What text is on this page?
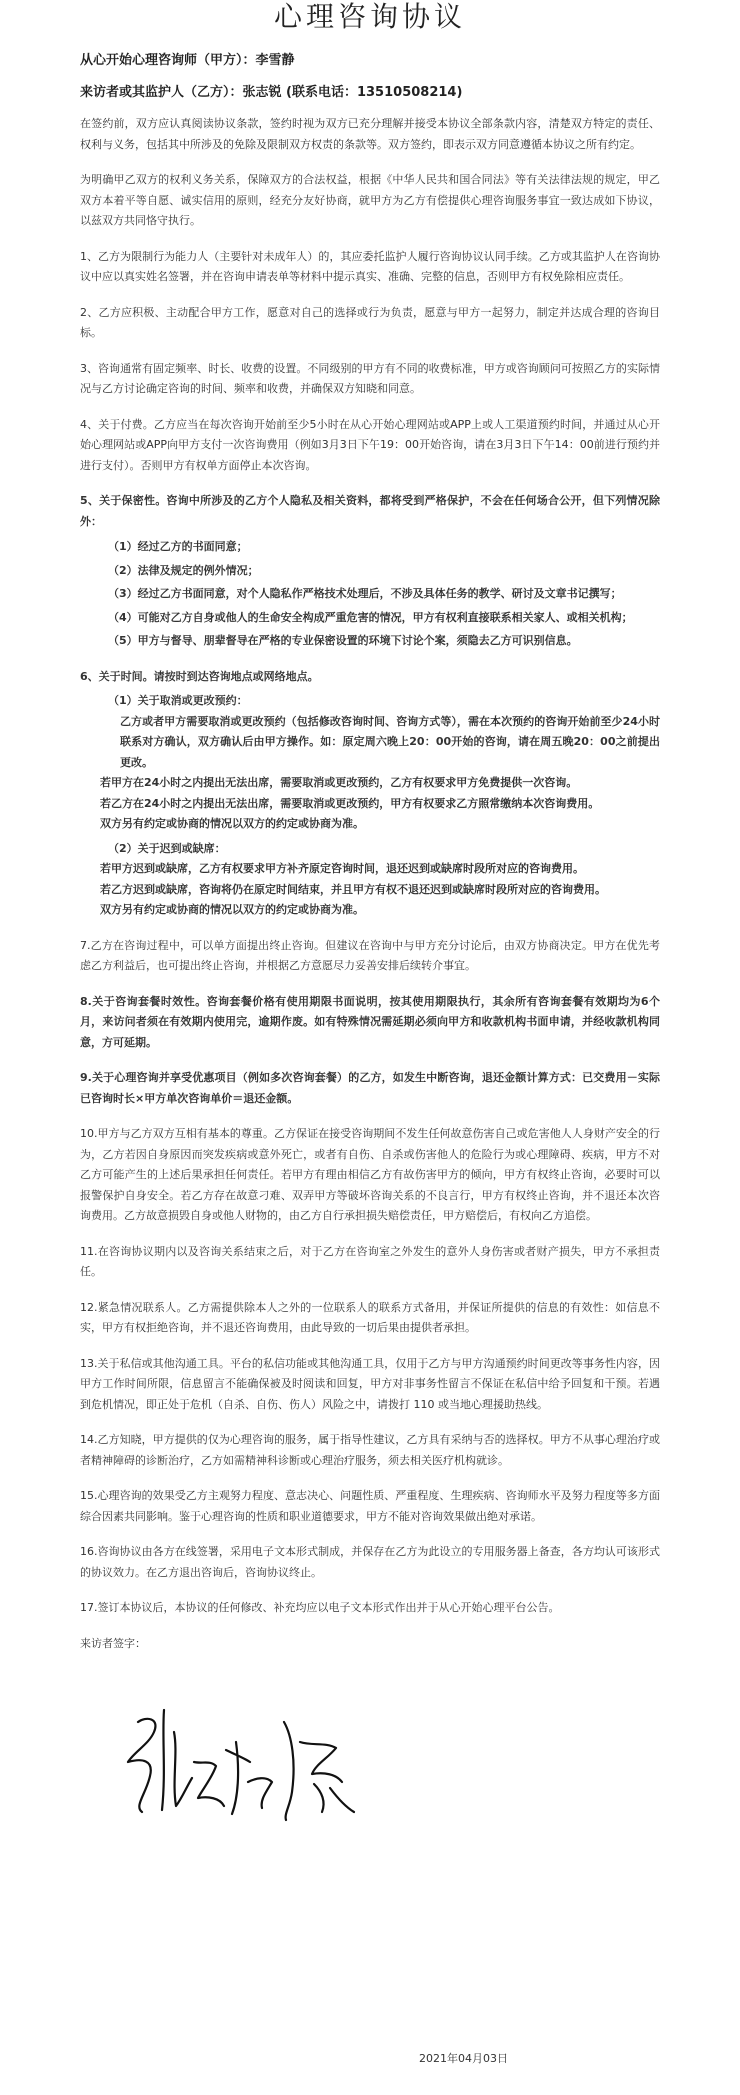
心理咨询协议
从心开始心理咨询师（甲方）：李雪静
来访者或其监护人（乙方）：张志锐 (联系电话：13510508214)

在签约前，双方应认真阅读协议条款，签约时视为双方已充分理解并接受本协议全部条款内容，清楚双方特定的责任、权利与义务，包括其中所涉及的免除及限制双方权责的条款等。双方签约，即表示双方同意遵循本协议之所有约定。

为明确甲乙双方的权利义务关系，保障双方的合法权益，根据《中华人民共和国合同法》等有关法律法规的规定，甲乙双方本着平等自愿、诚实信用的原则，经充分友好协商，就甲方为乙方有偿提供心理咨询服务事宜一致达成如下协议，以兹双方共同恪守执行。

1、乙方为限制行为能力人（主要针对未成年人）的，其应委托监护人履行咨询协议认同手续。乙方或其监护人在咨询协议中应以真实姓名签署，并在咨询申请表单等材料中提示真实、准确、完整的信息，否则甲方有权免除相应责任。

2、乙方应积极、主动配合甲方工作，愿意对自己的选择或行为负责，愿意与甲方一起努力，制定并达成合理的咨询目标。

3、咨询通常有固定频率、时长、收费的设置。不同级别的甲方有不同的收费标准，甲方或咨询顾问可按照乙方的实际情况与乙方讨论确定咨询的时间、频率和收费，并确保双方知晓和同意。

4、关于付费。乙方应当在每次咨询开始前至少5小时在从心开始心理网站或APP上或人工渠道预约时间，并通过从心开始心理网站或APP向甲方支付一次咨询费用（例如3月3日下午19：00开始咨询，请在3月3日下午14：00前进行预约并进行支付）。否则甲方有权单方面停止本次咨询。

5、关于保密性。咨询中所涉及的乙方个人隐私及相关资料，都将受到严格保护，不会在任何场合公开，但下列情况除外：
（1）经过乙方的书面同意；
（2）法律及规定的例外情况；
（3）经过乙方书面同意，对个人隐私作严格技术处理后，不涉及具体任务的教学、研讨及文章书记撰写；
（4）可能对乙方自身或他人的生命安全构成严重危害的情况，甲方有权利直接联系相关家人、或相关机构；
（5）甲方与督导、朋辈督导在严格的专业保密设置的环境下讨论个案，须隐去乙方可识别信息。
6、关于时间。请按时到达咨询地点或网络地点。
（1）关于取消或更改预约：
乙方或者甲方需要取消或更改预约（包括修改咨询时间、咨询方式等），需在本次预约的咨询开始前至少24小时联系对方确认，双方确认后由甲方操作。如：原定周六晚上20：00开始的咨询，请在周五晚20：00之前提出更改。
若甲方在24小时之内提出无法出席，需要取消或更改预约，乙方有权要求甲方免费提供一次咨询。
若乙方在24小时之内提出无法出席，需要取消或更改预约，甲方有权要求乙方照常缴纳本次咨询费用。
双方另有约定或协商的情况以双方的约定或协商为准。
（2）关于迟到或缺席：
若甲方迟到或缺席，乙方有权要求甲方补齐原定咨询时间，退还迟到或缺席时段所对应的咨询费用。
若乙方迟到或缺席，咨询将仍在原定时间结束，并且甲方有权不退还迟到或缺席时段所对应的咨询费用。
双方另有约定或协商的情况以双方的约定或协商为准。

7.乙方在咨询过程中，可以单方面提出终止咨询。但建议在咨询中与甲方充分讨论后，由双方协商决定。甲方在优先考虑乙方利益后，也可提出终止咨询，并根据乙方意愿尽力妥善安排后续转介事宜。

8.关于咨询套餐时效性。咨询套餐价格有使用期限书面说明，按其使用期限执行，其余所有咨询套餐有效期均为6个月，来访问者须在有效期内使用完，逾期作废。如有特殊情况需延期必须向甲方和收款机构书面申请，并经收款机构同意，方可延期。

9.关于心理咨询并享受优惠项目（例如多次咨询套餐）的乙方，如发生中断咨询，退还金额计算方式：已交费用－实际已咨询时长×甲方单次咨询单价＝退还金额。

10.甲方与乙方双方互相有基本的尊重。乙方保证在接受咨询期间不发生任何故意伤害自己或危害他人人身财产安全的行为，乙方若因自身原因而突发疾病或意外死亡，或者有自伤、自杀或伤害他人的危险行为或心理障碍、疾病，甲方不对乙方可能产生的上述后果承担任何责任。若甲方有理由相信乙方有故伤害甲方的倾向，甲方有权终止咨询，必要时可以报警保护自身安全。若乙方存在故意刁难、双弄甲方等破坏咨询关系的不良言行，甲方有权终止咨询，并不退还本次咨询费用。乙方故意损毁自身或他人财物的，由乙方自行承担损失赔偿责任，甲方赔偿后，有权向乙方追偿。

11.在咨询协议期内以及咨询关系结束之后，对于乙方在咨询室之外发生的意外人身伤害或者财产损失，甲方不承担责任。

12.紧急情况联系人。乙方需提供除本人之外的一位联系人的联系方式备用，并保证所提供的信息的有效性：如信息不实，甲方有权拒绝咨询，并不退还咨询费用，由此导致的一切后果由提供者承担。

13.关于私信或其他沟通工具。平台的私信功能或其他沟通工具，仅用于乙方与甲方沟通预约时间更改等事务性内容，因甲方工作时间所限，信息留言不能确保被及时阅读和回复，甲方对非事务性留言不保证在私信中给予回复和干预。若遇到危机情况，即正处于危机（自杀、自伤、伤人）风险之中，请拨打 110 或当地心理援助热线。

14.乙方知晓，甲方提供的仅为心理咨询的服务，属于指导性建议，乙方具有采纳与否的选择权。甲方不从事心理治疗或者精神障碍的诊断治疗，乙方如需精神科诊断或心理治疗服务，须去相关医疗机构就诊。

15.心理咨询的效果受乙方主观努力程度、意志决心、问题性质、严重程度、生理疾病、咨询师水平及努力程度等多方面综合因素共同影响。鉴于心理咨询的性质和职业道德要求，甲方不能对咨询效果做出绝对承诺。

16.咨询协议由各方在线签署，采用电子文本形式制成，并保存在乙方为此设立的专用服务器上备查，各方均认可该形式的协议效力。在乙方退出咨询后，咨询协议终止。

17.签订本协议后，本协议的任何修改、补充均应以电子文本形式作出并于从心开始心理平台公告。

来访者签字：
2021年04月03日
